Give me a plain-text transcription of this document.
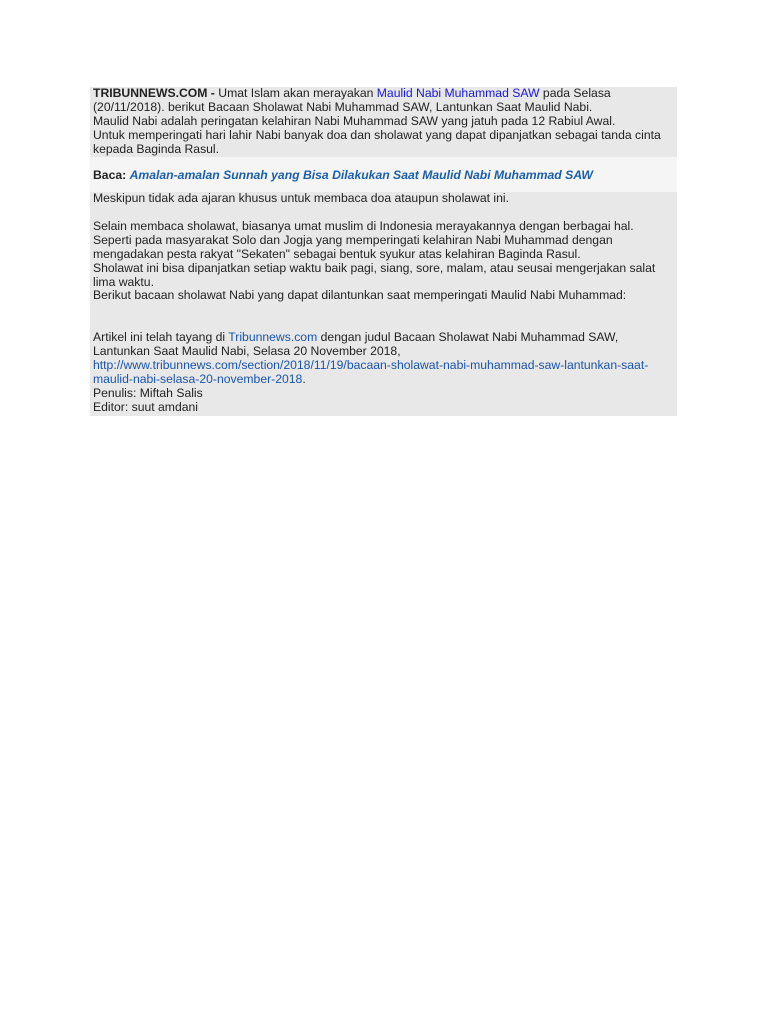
TRIBUNNEWS.COM - Umat Islam akan merayakan Maulid Nabi Muhammad SAW pada Selasa (20/11/2018). berikut Bacaan Sholawat Nabi Muhammad SAW, Lantunkan Saat Maulid Nabi.

Maulid Nabi adalah peringatan kelahiran Nabi Muhammad SAW yang jatuh pada 12 Rabiul Awal.

Untuk memperingati hari lahir Nabi banyak doa dan sholawat yang dapat dipanjatkan sebagai tanda cinta kepada Baginda Rasul.

Baca:
Amalan-amalan Sunnah yang Bisa Dilakukan Saat Maulid Nabi Muhammad SAW

Meskipun tidak ada ajaran khusus untuk membaca doa ataupun sholawat ini.

Selain membaca sholawat, biasanya umat muslim di Indonesia merayakannya dengan berbagai hal.

Seperti pada masyarakat Solo dan Jogja yang memperingati kelahiran Nabi Muhammad dengan mengadakan pesta rakyat "Sekaten" sebagai bentuk syukur atas kelahiran Baginda Rasul.

Sholawat ini bisa dipanjatkan setiap waktu baik pagi, siang, sore, malam, atau seusai mengerjakan salat lima waktu.

Berikut bacaan sholawat Nabi yang dapat dilantunkan saat memperingati Maulid Nabi Muhammad:

Artikel ini telah tayang di Tribunnews.com dengan judul Bacaan Sholawat Nabi Muhammad SAW, Lantunkan Saat Maulid Nabi, Selasa 20 November 2018, http://www.tribunnews.com/section/2018/11/19/bacaan-sholawat-nabi-muhammad-saw-lantunkan-saat-maulid-nabi-selasa-20-november-2018.

Penulis: Miftah Salis

Editor: suut amdani
